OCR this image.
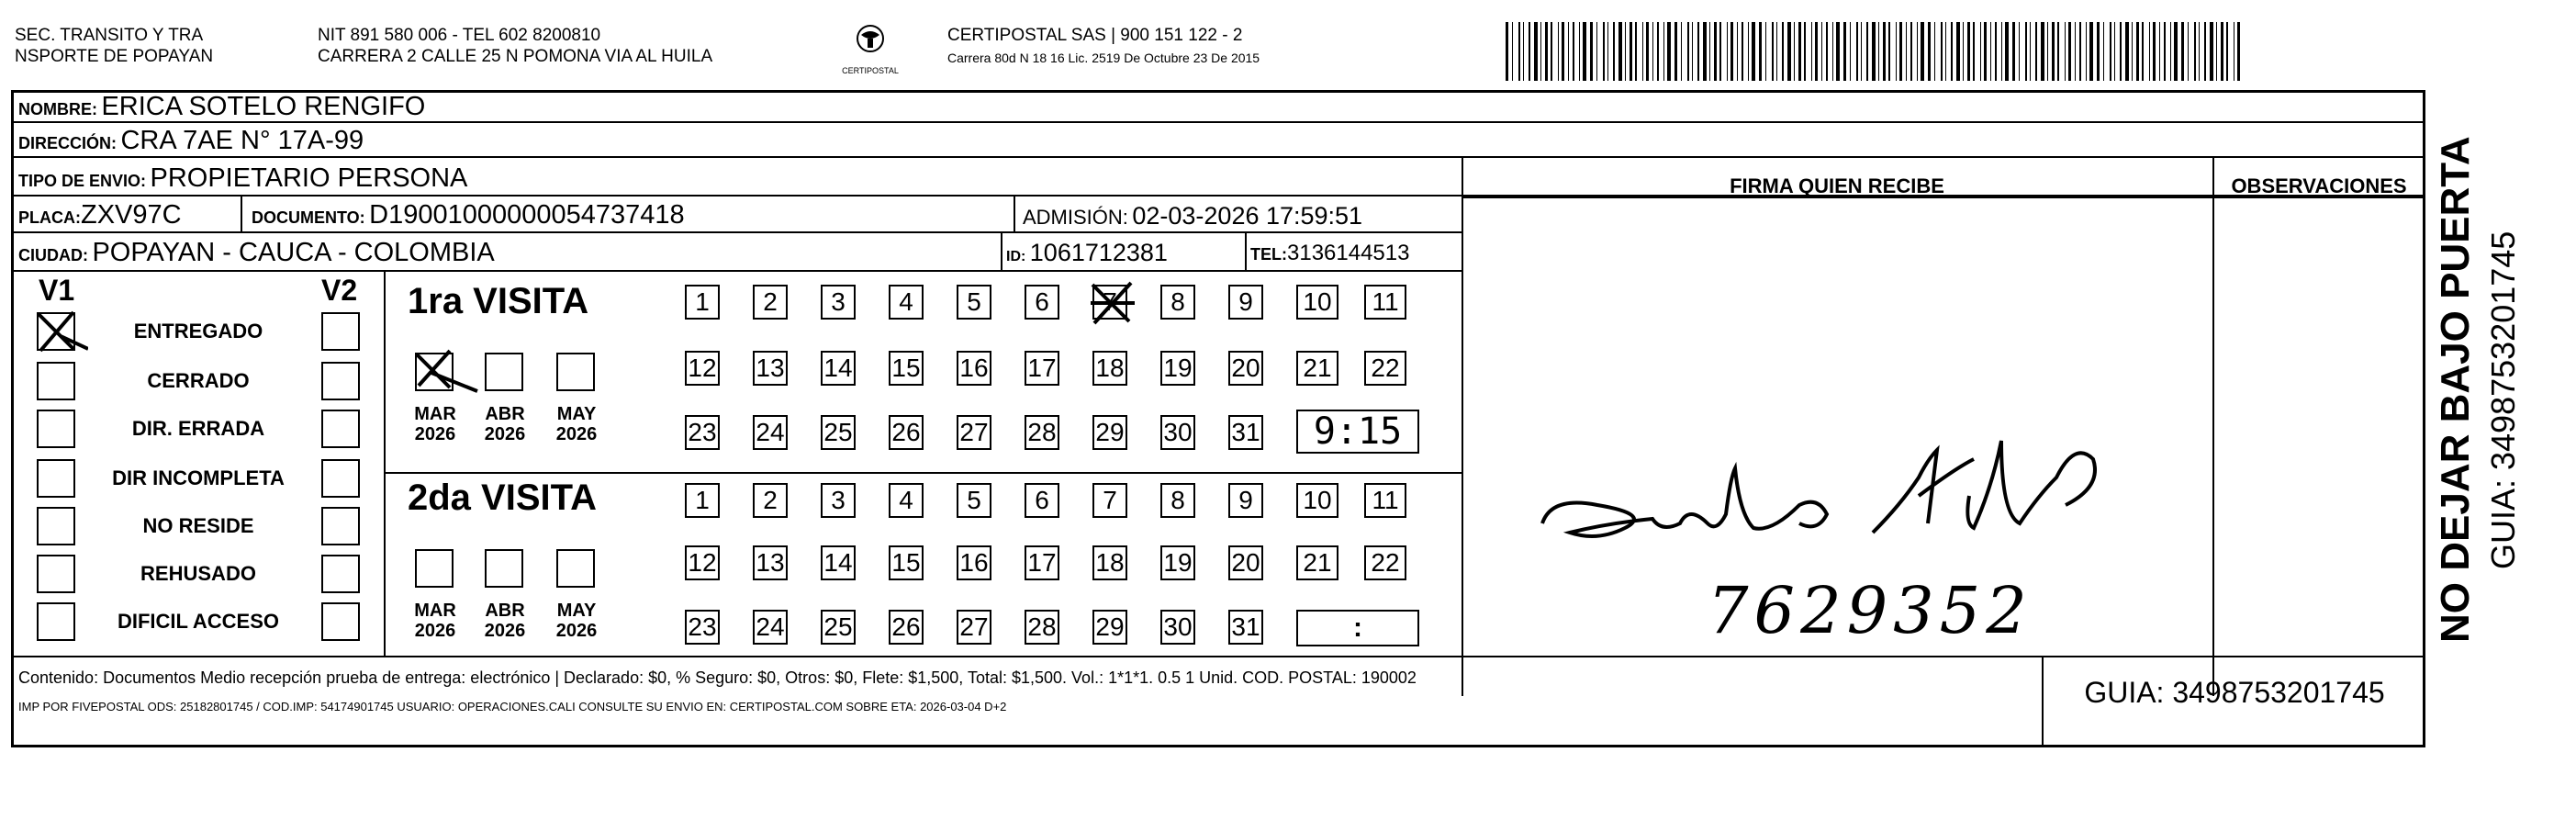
SEC. TRANSITO Y TRA
NSPORTE DE POPAYAN
NIT 891 580 006 - TEL 602 8200810
CARRERA 2 CALLE 25 N POMONA VIA AL HUILA
CERTIPOSTAL
CERTIPOSTAL SAS | 900 151 122 - 2
Carrera 80d N 18 16 Lic. 2519 De Octubre 23 De 2015
NOMBRE: ERICA SOTELO RENGIFO
DIRECCIÓN: CRA 7AE N° 17A-99
TIPO DE ENVIO: PROPIETARIO PERSONA
PLACA:ZXV97C	DOCUMENTO: D19001000000054737418	ADMISIÓN: 02-03-2026 17:59:51
CIUDAD: POPAYAN - CAUCA - COLOMBIA	ID: 1061712381	TEL:3136144513
FIRMA QUIEN RECIBE	OBSERVACIONES
7629352
V1	V2
ENTREGADO
CERRADO
DIR. ERRADA
DIR INCOMPLETA
NO RESIDE
REHUSADO
DIFICIL ACCESO
1ra VISITA
MAR
2026
ABR
2026
MAY
2026
1	2	3	4	5	6	7	8	9	10	11
12 13 14 15 16 17 18 19 20 21 22
23 24 25 26 27 28 29 30 31	9:15
2da VISITA
MAR
2026
ABR
2026
MAY
2026
1	2	3	4	5	6	7	8	9	10	11
12 13 14 15 16 17 18 19 20 21 22
23 24 25 26 27 28 29 30 31	:
Contenido: Documentos Medio recepción prueba de entrega: electrónico | Declarado: $0, % Seguro: $0, Otros: $0, Flete: $1,500, Total: $1,500. Vol.: 1*1*1. 0.5 1 Unid. COD. POSTAL: 190002
IMP POR FIVEPOSTAL ODS: 25182801745 / COD.IMP: 54174901745 USUARIO: OPERACIONES.CALI CONSULTE SU ENVIO EN: CERTIPOSTAL.COM SOBRE ETA: 2026-03-04 D+2	GUIA: 3498753201745
NO DEJAR BAJO PUERTA GUIA: 3498753201745
